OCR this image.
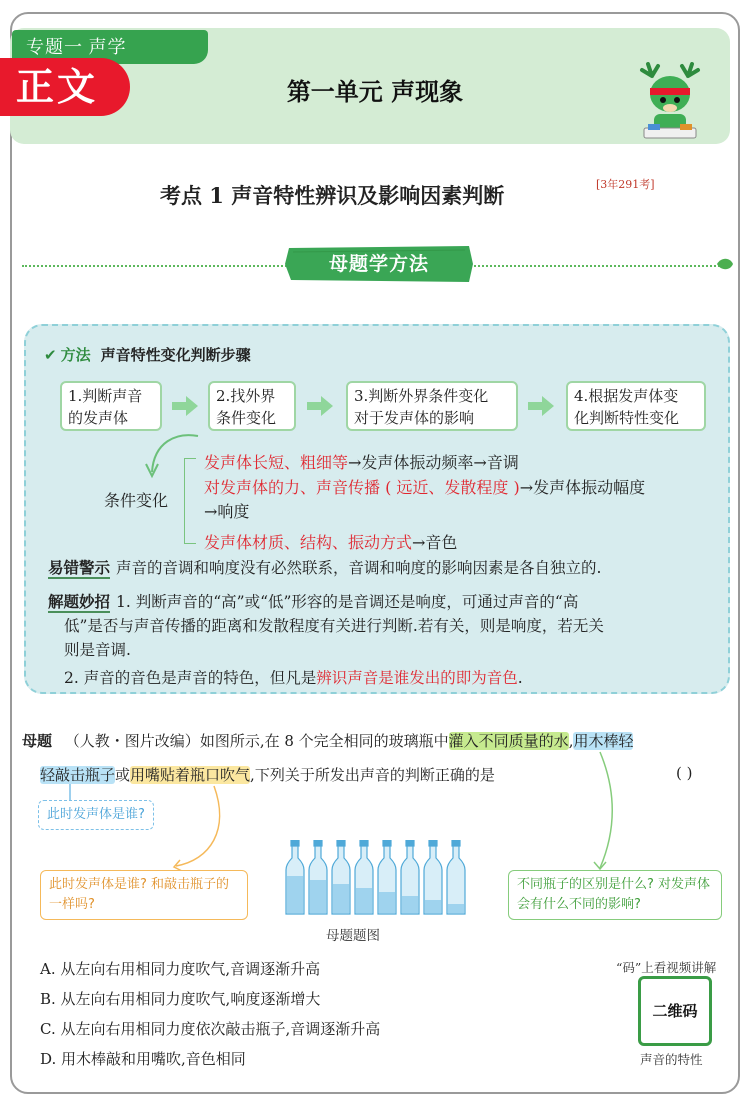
专题一 声学
正文	第一单元 声现象
考点 1 声音特性辨识及影响因素判断	[3年291考]
母题学方法
✔ 方法 声音特性变化判断步骤
1.判断声音
的发声体
2.找外界
条件变化
3.判断外界条件变化
对于发声体的影响
4.根据发声体变
化判断特性变化
条件变化
发声体长短、粗细等→发声体振动频率→音调
对发声体的力、声音传播 ( 远近、发散程度 )→发声体振动幅度
→响度
发声体材质、结构、振动方式→音色
易错警示 声音的音调和响度没有必然联系，音调和响度的影响因素是各自独立的.

解题妙招 1. 判断声音的“高”或“低”形容的是音调还是响度，可通过声音的“高

低”是否与声音传播的距离和发散程度有关进行判断.若有关，则是响度，若无关

则是音调.

2. 声音的音色是声音的特色，但凡是辨识声音是谁发出的即为音色.

母题 （人教・图片改编）如图所示,在 8 个完全相同的玻璃瓶中灌入不同质量的水,用木棒轻
轻敲击瓶子或用嘴贴着瓶口吹气,下列关于所发出声音的判断正确的是	( )
此时发声体是谁?
此时发声体是谁? 和敲击瓶子的一样吗?
不同瓶子的区别是什么? 对发声体会有什么不同的影响?
母题题图
A. 从左向右用相同力度吹气,音调逐渐升高
B. 从左向右用相同力度吹气,响度逐渐增大
C. 从左向右用相同力度依次敲击瓶子,音调逐渐升高
D. 用木棒敲和用嘴吹,音色相同
“码”上看视频讲解
二维码
声音的特性
